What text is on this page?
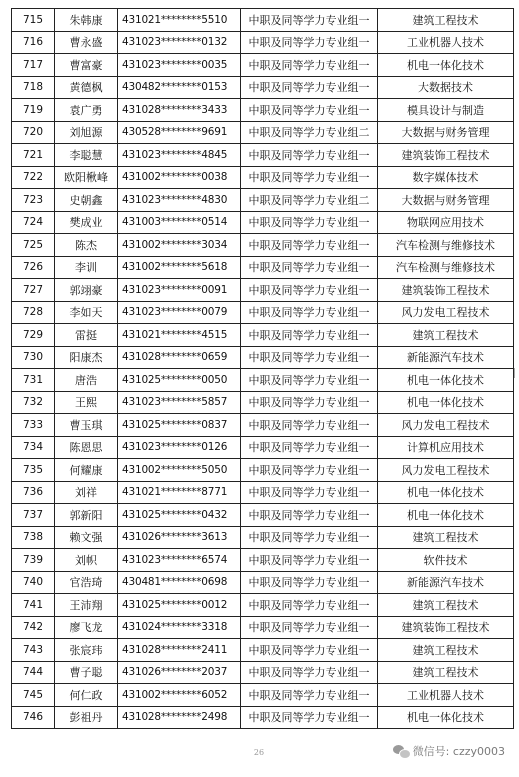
715	朱韩康	431021********5510	中职及同等学力专业组一	建筑工程技术
716	曹永盛	431023********0132	中职及同等学力专业组一	工业机器人技术
717	曹富豪	431023********0035	中职及同等学力专业组一	机电一体化技术
718	黄德枫	430482********0153	中职及同等学力专业组一	大数据技术
719	袁广勇	431028********3433	中职及同等学力专业组一	模具设计与制造
720	刘旭源	430528********9691	中职及同等学力专业组二	大数据与财务管理
721	李聪慧	431023********4845	中职及同等学力专业组一	建筑装饰工程技术
722	欧阳楸峰	431002********0038	中职及同等学力专业组一	数字媒体技术
723	史朝鑫	431023********4830	中职及同等学力专业组二	大数据与财务管理
724	樊成业	431003********0514	中职及同等学力专业组一	物联网应用技术
725	陈杰	431002********3034	中职及同等学力专业组一	汽车检测与维修技术
726	李训	431002********5618	中职及同等学力专业组一	汽车检测与维修技术
727	郭翊豪	431023********0091	中职及同等学力专业组一	建筑装饰工程技术
728	李如天	431023********0079	中职及同等学力专业组一	风力发电工程技术
729	雷挺	431021********4515	中职及同等学力专业组一	建筑工程技术
730	阳康杰	431028********0659	中职及同等学力专业组一	新能源汽车技术
731	唐浩	431025********0050	中职及同等学力专业组一	机电一体化技术
732	王熙	431023********5857	中职及同等学力专业组一	机电一体化技术
733	曹玉琪	431025********0837	中职及同等学力专业组一	风力发电工程技术
734	陈恩思	431023********0126	中职及同等学力专业组一	计算机应用技术
735	何耀康	431002********5050	中职及同等学力专业组一	风力发电工程技术
736	刘祥	431021********8771	中职及同等学力专业组一	机电一体化技术
737	郭新阳	431025********0432	中职及同等学力专业组一	机电一体化技术
738	赖文强	431026********3613	中职及同等学力专业组一	建筑工程技术
739	刘帜	431023********6574	中职及同等学力专业组一	软件技术
740	官浩琦	430481********0698	中职及同等学力专业组一	新能源汽车技术
741	王沛翔	431025********0012	中职及同等学力专业组一	建筑工程技术
742	廖飞龙	431024********3318	中职及同等学力专业组一	建筑装饰工程技术
743	张宸玮	431028********2411	中职及同等学力专业组一	建筑工程技术
744	曹子聪	431026********2037	中职及同等学力专业组一	建筑工程技术
745	何仁政	431002********6052	中职及同等学力专业组一	工业机器人技术
746	彭祖丹	431028********2498	中职及同等学力专业组一	机电一体化技术
26	微信号: czzy0003
